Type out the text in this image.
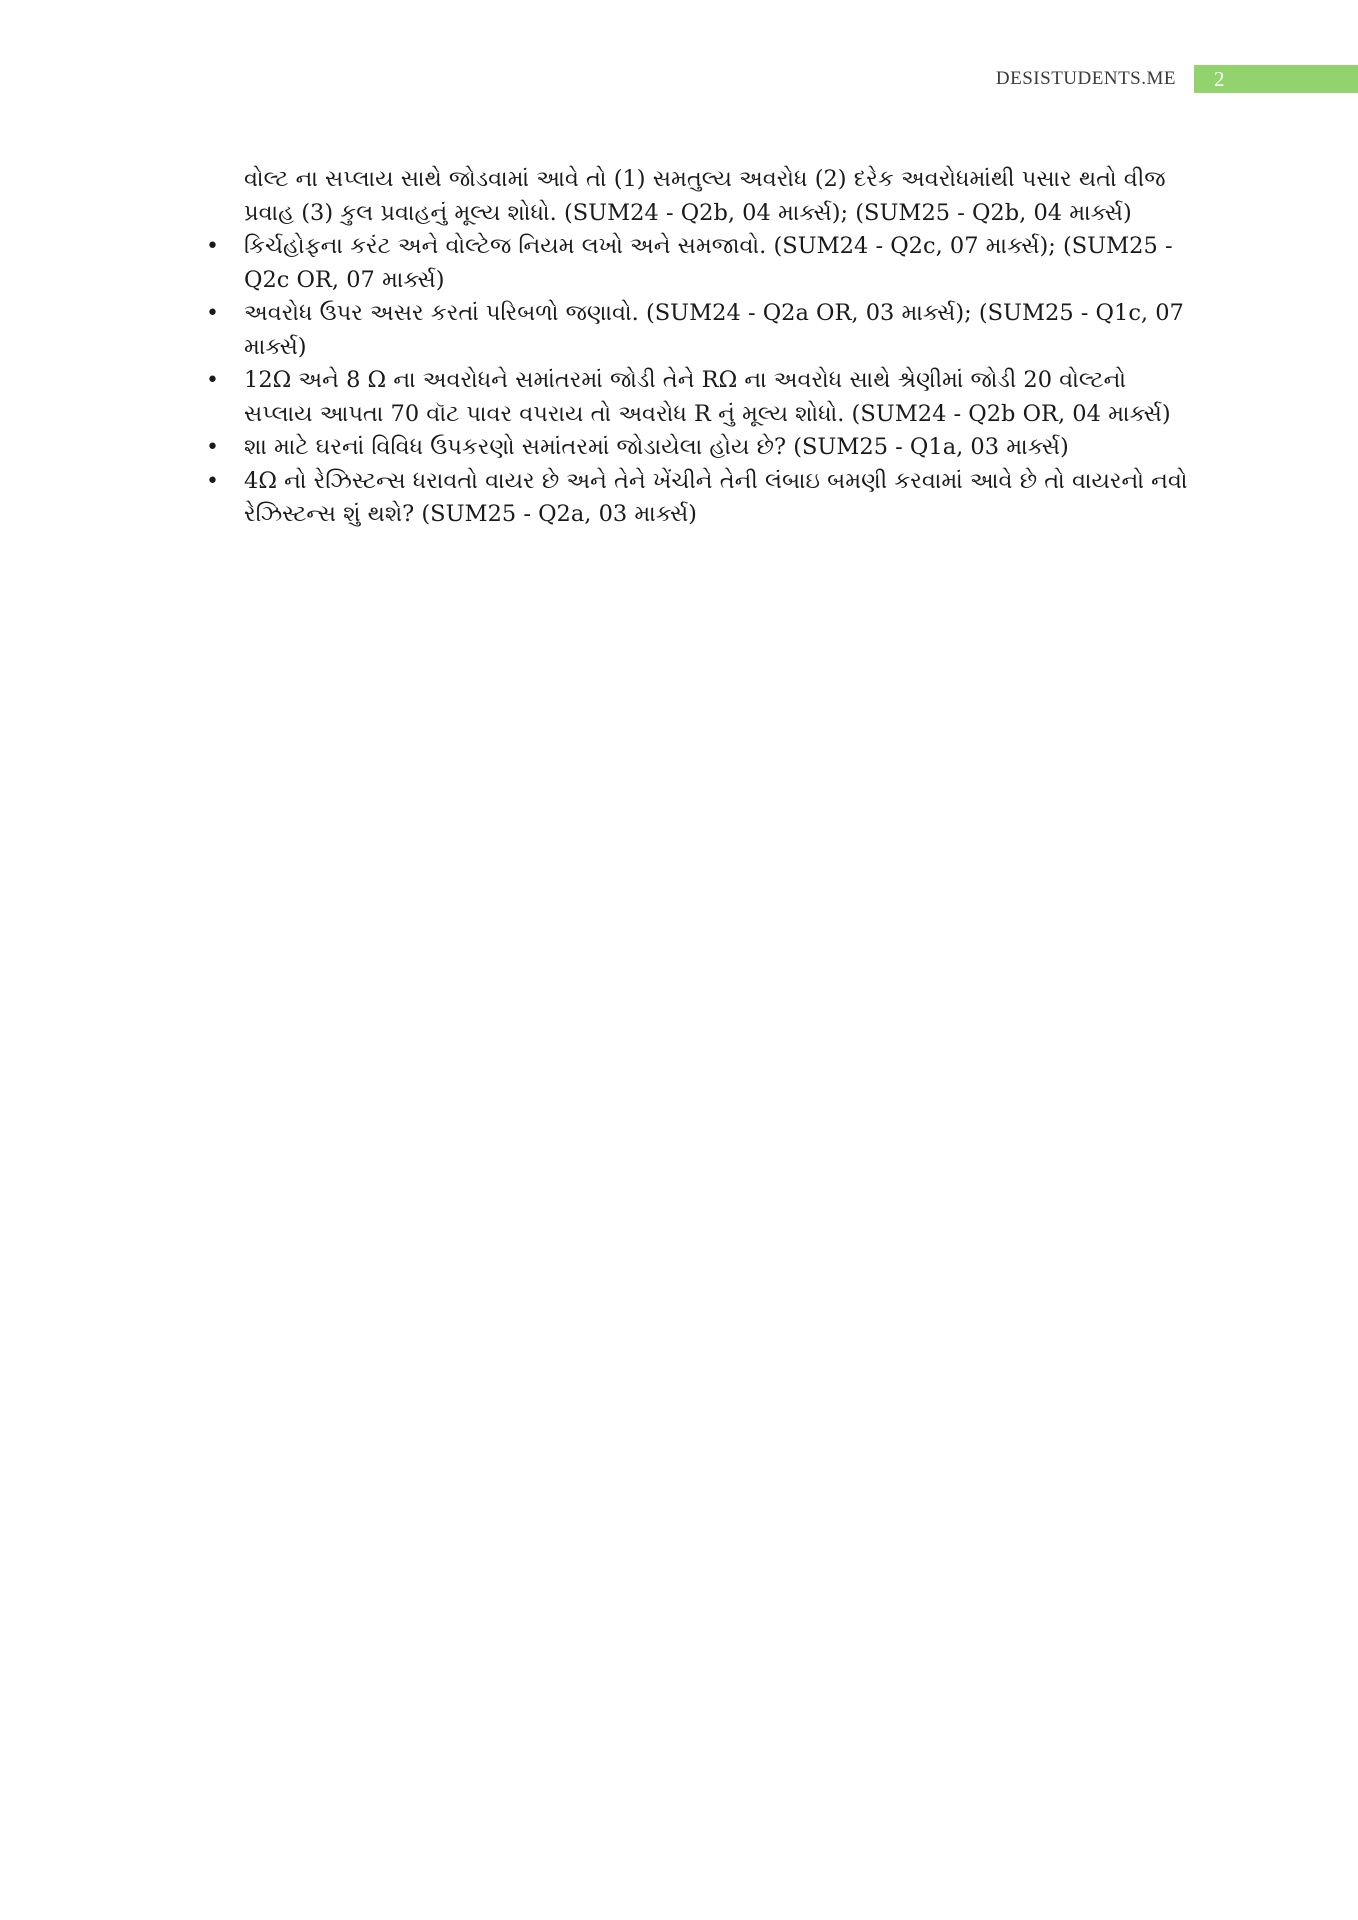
DESISTUDENTS.ME 2

વોલ્ટ ના સપ્લાય સાથે જોડવામાં આવે તો (1) સમતુલ્ય અવરોધ (2) દરેક અવરોધમાંથી પસાર થતો વીજ પ્રવાહ (3) કુલ પ્રવાહનું મૂલ્ય શોધો. (SUM24 - Q2b, 04 માર્ક્સ); (SUM25 - Q2b, 04 માર્ક્સ)

• કિર્ચહોફના કરંટ અને વોલ્ટેજ નિયમ લખો અને સમજાવો. (SUM24 - Q2c, 07 માર્ક્સ); (SUM25 - Q2c OR, 07 માર્ક્સ)
• અવરોધ ઉપર અસર કરતાં પરિબળો જણાવો. (SUM24 - Q2a OR, 03 માર્ક્સ); (SUM25 - Q1c, 07 માર્ક્સ)
• 12Ω અને 8 Ω ના અવરોધને સમાંતરમાં જોડી તેને RΩ ના અવરોધ સાથે શ્રેણીમાં જોડી 20 વોલ્ટનો સપ્લાય આપતા 70 વૉટ પાવર વપરાય તો અવરોધ R નું મૂલ્ય શોધો. (SUM24 - Q2b OR, 04 માર્ક્સ)
• શા માટે ઘરનાં વિવિધ ઉપકરણો સમાંતરમાં જોડાયેલા હોય છે? (SUM25 - Q1a, 03 માર્ક્સ)
• 4Ω નો રેઝિસ્ટન્સ ધરાવતો વાયર છે અને તેને ખેંચીને તેની લંબાઇ બમણી કરવામાં આવે છે તો વાયરનો નવો રેઝિસ્ટન્સ શું થશે? (SUM25 - Q2a, 03 માર્ક્સ)
